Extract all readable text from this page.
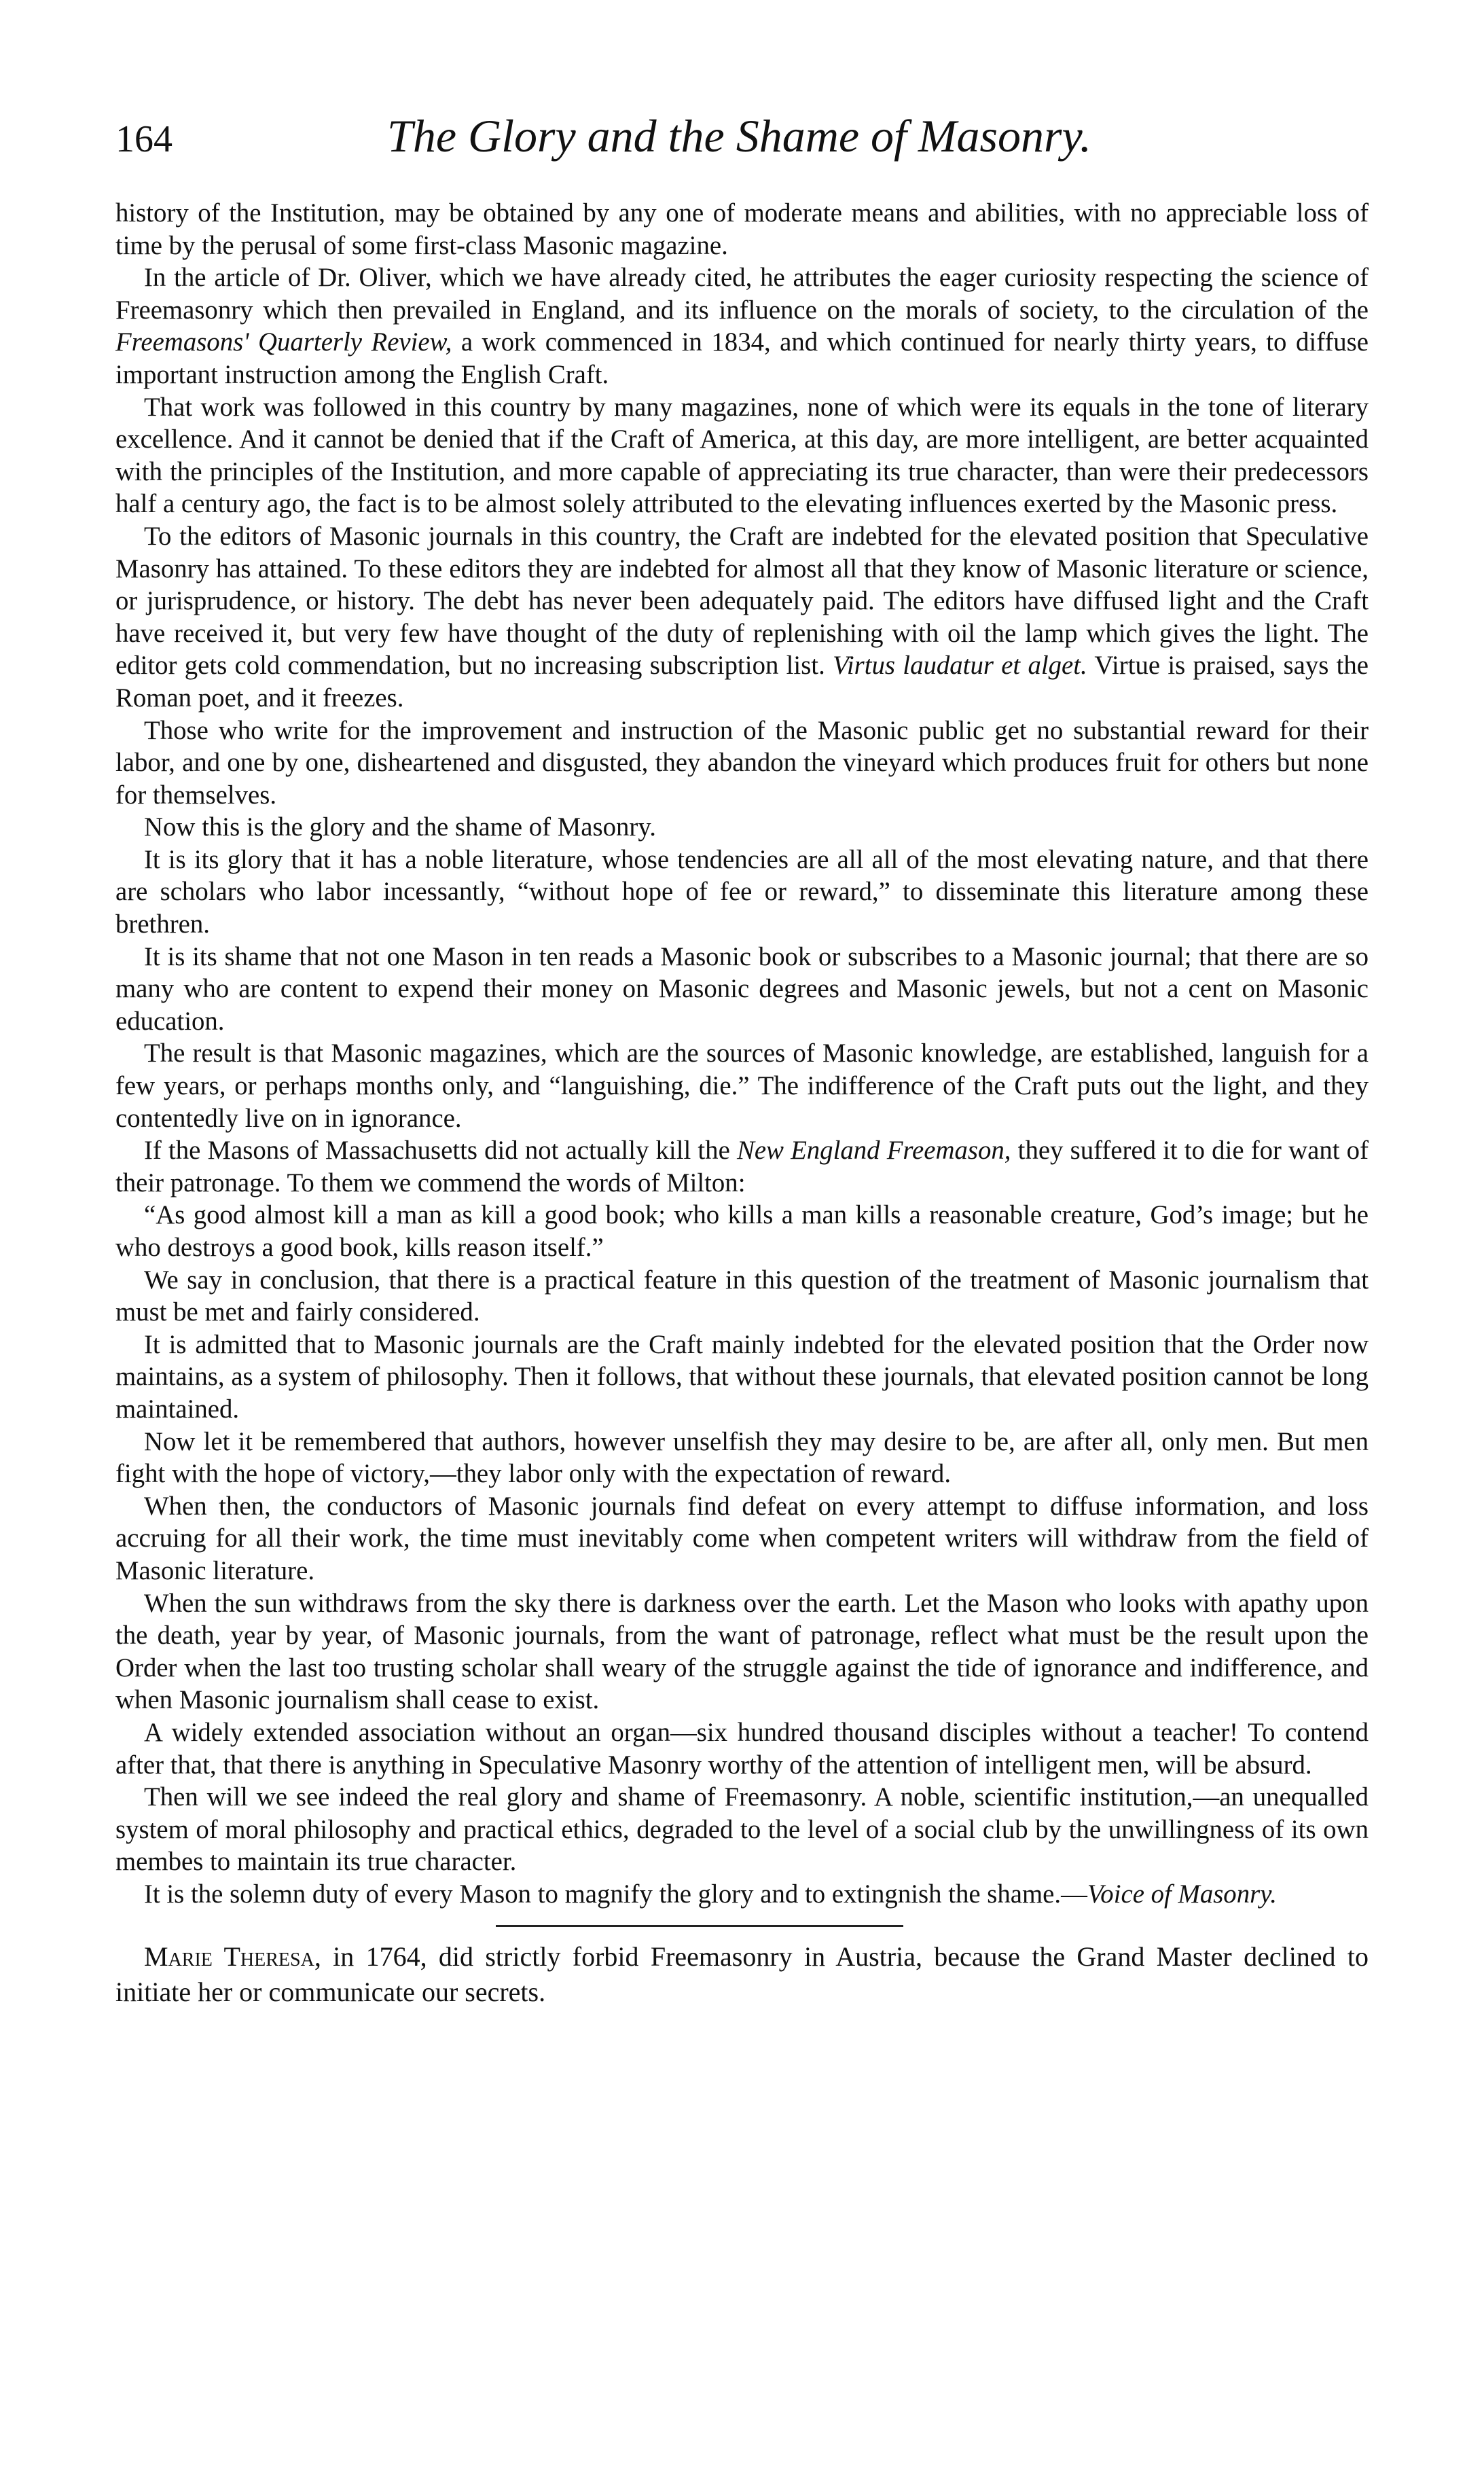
164	The Glory and the Shame of Masonry.

history of the Institution, may be obtained by any one of moderate means and abilities, with no appreciable loss of time by the perusal of some first-class Masonic magazine.

In the article of Dr. Oliver, which we have already cited, he attributes the eager curiosity respecting the science of Freemasonry which then prevailed in England, and its influence on the morals of society, to the circulation of the Freemasons' Quarterly Review, a work commenced in 1834, and which continued for nearly thirty years, to diffuse important instruction among the English Craft.

That work was followed in this country by many magazines, none of which were its equals in the tone of literary excellence. And it cannot be denied that if the Craft of America, at this day, are more intelligent, are better acquainted with the principles of the Institution, and more capable of appreciating its true character, than were their predecessors half a century ago, the fact is to be almost solely attributed to the elevating influences exerted by the Masonic press.

To the editors of Masonic journals in this country, the Craft are indebted for the elevated position that Speculative Masonry has attained. To these editors they are indebted for almost all that they know of Masonic literature or science, or jurisprudence, or history. The debt has never been adequately paid. The editors have diffused light and the Craft have received it, but very few have thought of the duty of replenishing with oil the lamp which gives the light. The editor gets cold commendation, but no increasing subscription list. Virtus laudatur et alget. Virtue is praised, says the Roman poet, and it freezes.

Those who write for the improvement and instruction of the Masonic public get no substantial reward for their labor, and one by one, disheartened and disgusted, they abandon the vineyard which produces fruit for others but none for themselves.

Now this is the glory and the shame of Masonry.

It is its glory that it has a noble literature, whose tendencies are all all of the most elevating nature, and that there are scholars who labor incessantly, “without hope of fee or reward,” to disseminate this literature among these brethren.

It is its shame that not one Mason in ten reads a Masonic book or subscribes to a Masonic journal; that there are so many who are content to expend their money on Masonic degrees and Masonic jewels, but not a cent on Masonic education.

The result is that Masonic magazines, which are the sources of Masonic knowledge, are established, languish for a few years, or perhaps months only, and “languishing, die.” The indifference of the Craft puts out the light, and they contentedly live on in ignorance.

If the Masons of Massachusetts did not actually kill the New England Freemason, they suffered it to die for want of their patronage. To them we commend the words of Milton:

“As good almost kill a man as kill a good book; who kills a man kills a reasonable creature, God’s image; but he who destroys a good book, kills reason itself.”

We say in conclusion, that there is a practical feature in this question of the treatment of Masonic journalism that must be met and fairly considered.

It is admitted that to Masonic journals are the Craft mainly indebted for the elevated position that the Order now maintains, as a system of philosophy. Then it follows, that without these journals, that elevated position cannot be long maintained.

Now let it be remembered that authors, however unselfish they may desire to be, are after all, only men. But men fight with the hope of victory,—they labor only with the expectation of reward.

When then, the conductors of Masonic journals find defeat on every attempt to diffuse information, and loss accruing for all their work, the time must inevitably come when competent writers will withdraw from the field of Masonic literature.

When the sun withdraws from the sky there is darkness over the earth. Let the Mason who looks with apathy upon the death, year by year, of Masonic journals, from the want of patronage, reflect what must be the result upon the Order when the last too trusting scholar shall weary of the struggle against the tide of ignorance and indifference, and when Masonic journalism shall cease to exist.

A widely extended association without an organ—six hundred thousand disciples without a teacher! To contend after that, that there is anything in Speculative Masonry worthy of the attention of intelligent men, will be absurd.

Then will we see indeed the real glory and shame of Freemasonry. A noble, scientific institution,—an unequalled system of moral philosophy and practical ethics, degraded to the level of a social club by the unwillingness of its own membes to maintain its true character.

It is the solemn duty of every Mason to magnify the glory and to extingnish the shame.—Voice of Masonry.

Marie Theresa, in 1764, did strictly forbid Freemasonry in Austria, because the Grand Master declined to initiate her or communicate our secrets.
